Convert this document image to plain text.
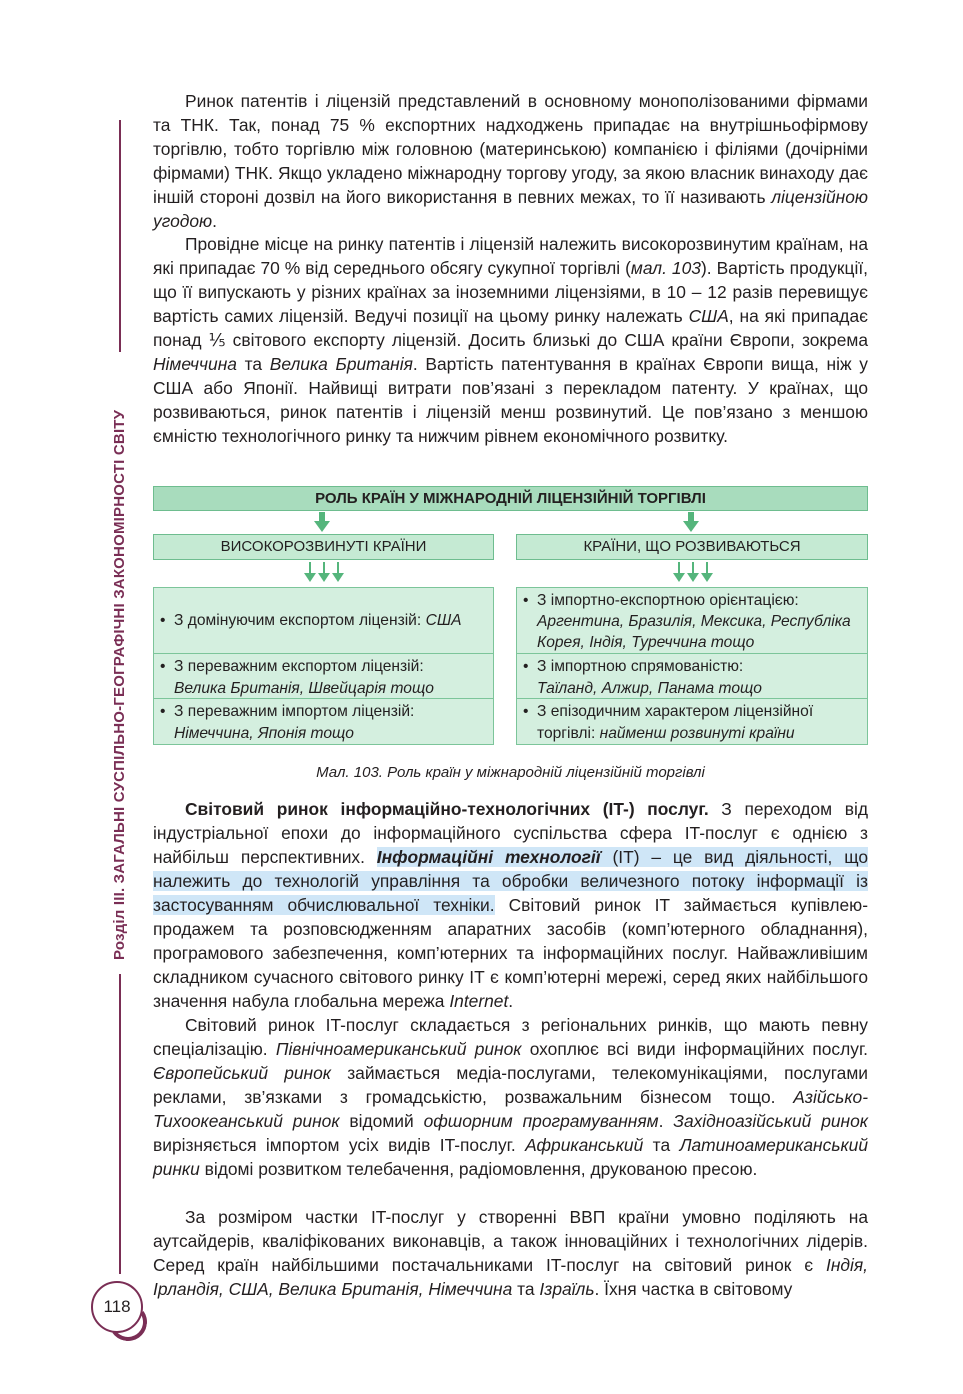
Розділ III. ЗАГАЛЬНІ СУСПІЛЬНО-ГЕОГРАФІЧНІ ЗАКОНОМІРНОСТІ СВІТУ
118

Ринок патентів і ліцензій представлений в основному монополізованими фірмами та ТНК. Так, понад 75 % експортних надходжень припадає на внутрішньофірмову торгівлю, тобто торгівлю між головною (материнською) компанією і філіями (дочірніми фірмами) ТНК. Якщо укладено міжнародну торгову угоду, за якою власник винаходу дає іншій стороні дозвіл на його використання в певних межах, то її називають ліцензійною угодою.

Провідне місце на ринку патентів і ліцензій належить високорозвинутим країнам, на які припадає 70 % від середнього обсягу сукупної торгівлі (мал. 103). Вартість продукції, що її випускають у різних країнах за іноземними ліцензіями, в 10 – 12 разів перевищує вартість самих ліцензій. Ведучі позиції на цьому ринку належать США, на які припадає понад ⅕ світового експорту ліцензій. Досить близькі до США країни Європи, зокрема Німеччина та Велика Британія. Вартість патентування в країнах Європи вища, ніж у США або Японії. Найвищі витрати пов’язані з перекладом патенту. У країнах, що розвиваються, ринок патентів і ліцензій менш розвинутий. Це пов’язано з меншою ємністю технологічного ринку та нижчим рівнем економічного розвитку.

РОЛЬ КРАЇН У МІЖНАРОДНІЙ ЛІЦЕНЗІЙНІЙ ТОРГІВЛІ
ВИСОКОРОЗВИНУТІ КРАЇНИ	КРАЇНИ, ЩО РОЗВИВАЮТЬСЯ
• З домінуючим експортом ліцензій: США
• З переважним експортом ліцензій:
Велика Британія, Швейцарія тощо
• З переважним імпортом ліцензій:
Німеччина, Японія тощо
• З імпортно-експортною орієнтацією:
Аргентина, Бразилія, Мексика, Республіка Корея, Індія, Туреччина тощо
• З імпортною спрямованістю:
Таїланд, Алжир, Панама тощо
• З епізодичним характером ліцензійної торгівлі: найменш розвинуті країни
Мал. 103. Роль країн у міжнародній ліцензійній торгівлі

Світовий ринок інформаційно-технологічних (IT-) послуг. З переходом від індустріальної епохи до інформаційного суспільства сфера IT-послуг є однією з найбільш перспективних. Інформаційні технології (IT) – це вид діяльності, що належить до технологій управління та обробки величезного потоку інформації із застосуванням обчислювальної техніки. Світовий ринок IT займається купівлею-продажем та розповсюдженням апаратних засобів (комп’ютерного обладнання), програмового забезпечення, комп’ютерних та інформаційних послуг. Найважливішим складником сучасного світового ринку IT є комп’ютерні мережі, серед яких найбільшого значення набула глобальна мережа Internet.

Світовий ринок IT-послуг складається з регіональних ринків, що мають певну спеціалізацію. Північноамериканський ринок охоплює всі види інформаційних послуг. Європейський ринок займається медіа-послугами, телекомунікаціями, послугами реклами, зв’язками з громадськістю, розважальним бізнесом тощо. Азійсько-Тихоокеанський ринок відомий офшорним програмуванням. Західноазійський ринок вирізняється імпортом усіх видів IT-послуг. Африканський та Латиноамериканський ринки відомі розвитком телебачення, радіомовлення, друкованою пресою.

За розміром частки IT-послуг у створенні ВВП країни умовно поділяють на аутсайдерів, кваліфікованих виконавців, а також інноваційних і технологічних лідерів. Серед країн найбільшими постачальниками IT-послуг на світовий ринок є Індія, Ірландія, США, Велика Британія, Німеччина та Ізраїль. Їхня частка в світовому
